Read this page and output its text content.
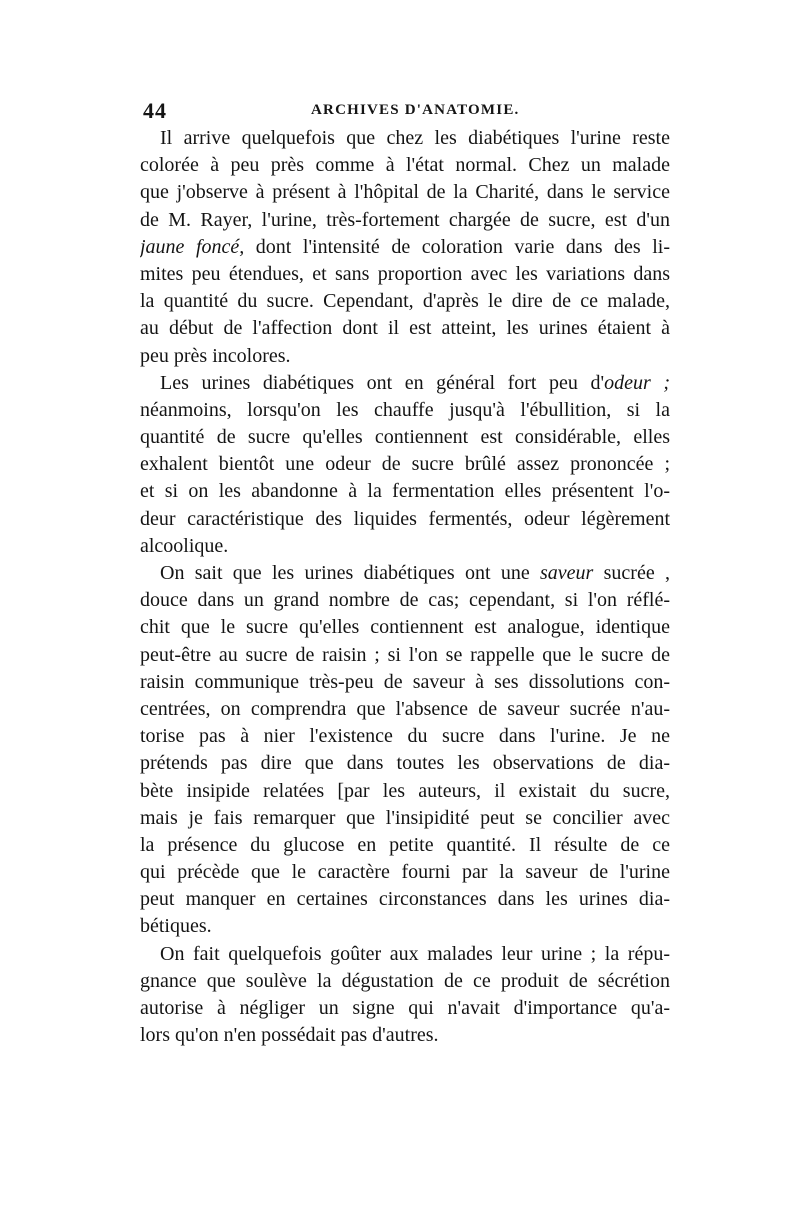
44	ARCHIVES D'ANATOMIE.
Il arrive quelquefois que chez les diabétiques l'urine reste
colorée à peu près comme à l'état normal. Chez un malade
que j'observe à présent à l'hôpital de la Charité, dans le service
de M. Rayer, l'urine, très-fortement chargée de sucre, est d'un
jaune foncé, dont l'intensité de coloration varie dans des li-
mites peu étendues, et sans proportion avec les variations dans
la quantité du sucre. Cependant, d'après le dire de ce malade,
au début de l'affection dont il est atteint, les urines étaient à
peu près incolores.
Les urines diabétiques ont en général fort peu d'odeur ;
néanmoins, lorsqu'on les chauffe jusqu'à l'ébullition, si la
quantité de sucre qu'elles contiennent est considérable, elles
exhalent bientôt une odeur de sucre brûlé assez prononcée ;
et si on les abandonne à la fermentation elles présentent l'o-
deur caractéristique des liquides fermentés, odeur légèrement
alcoolique.
On sait que les urines diabétiques ont une saveur sucrée ,
douce dans un grand nombre de cas; cependant, si l'on réflé-
chit que le sucre qu'elles contiennent est analogue, identique
peut-être au sucre de raisin ; si l'on se rappelle que le sucre de
raisin communique très-peu de saveur à ses dissolutions con-
centrées, on comprendra que l'absence de saveur sucrée n'au-
torise pas à nier l'existence du sucre dans l'urine. Je ne
prétends pas dire que dans toutes les observations de dia-
bète insipide relatées [par les auteurs, il existait du sucre,
mais je fais remarquer que l'insipidité peut se concilier avec
la présence du glucose en petite quantité. Il résulte de ce
qui précède que le caractère fourni par la saveur de l'urine
peut manquer en certaines circonstances dans les urines dia-
bétiques.
On fait quelquefois goûter aux malades leur urine ; la répu-
gnance que soulève la dégustation de ce produit de sécrétion
autorise à négliger un signe qui n'avait d'importance qu'a-
lors qu'on n'en possédait pas d'autres.
